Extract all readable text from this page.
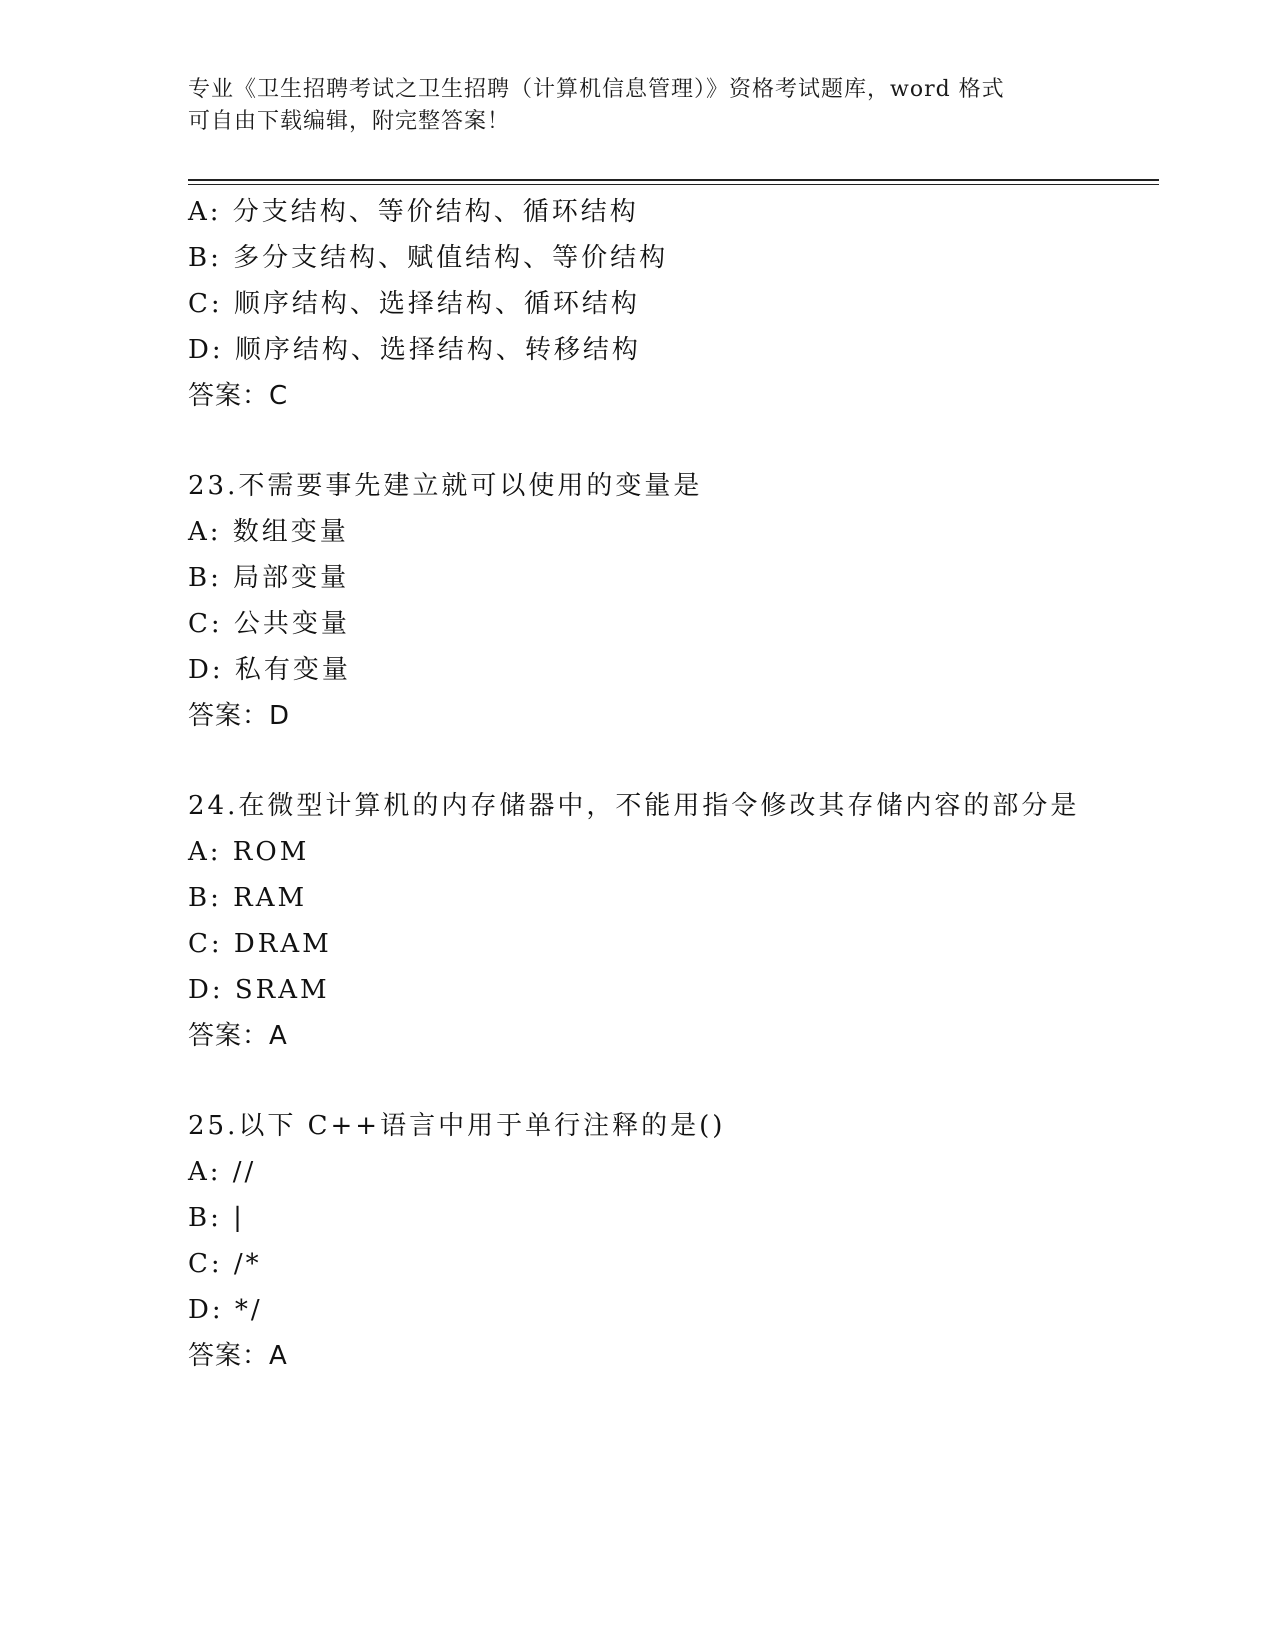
专业《卫生招聘考试之卫生招聘（计算机信息管理）》资格考试题库，word 格式
可自由下载编辑，附完整答案！
A: 分支结构、等价结构、循环结构
B: 多分支结构、赋值结构、等价结构
C: 顺序结构、选择结构、循环结构
D: 顺序结构、选择结构、转移结构
答案：C
23.不需要事先建立就可以使用的变量是
A: 数组变量
B: 局部变量
C: 公共变量
D: 私有变量
答案：D
24.在微型计算机的内存储器中，不能用指令修改其存储内容的部分是
A: ROM
B: RAM
C: DRAM
D: SRAM
答案：A
25.以下 C++语言中用于单行注释的是()
A: //
B: |
C: /*
D: */
答案：A
